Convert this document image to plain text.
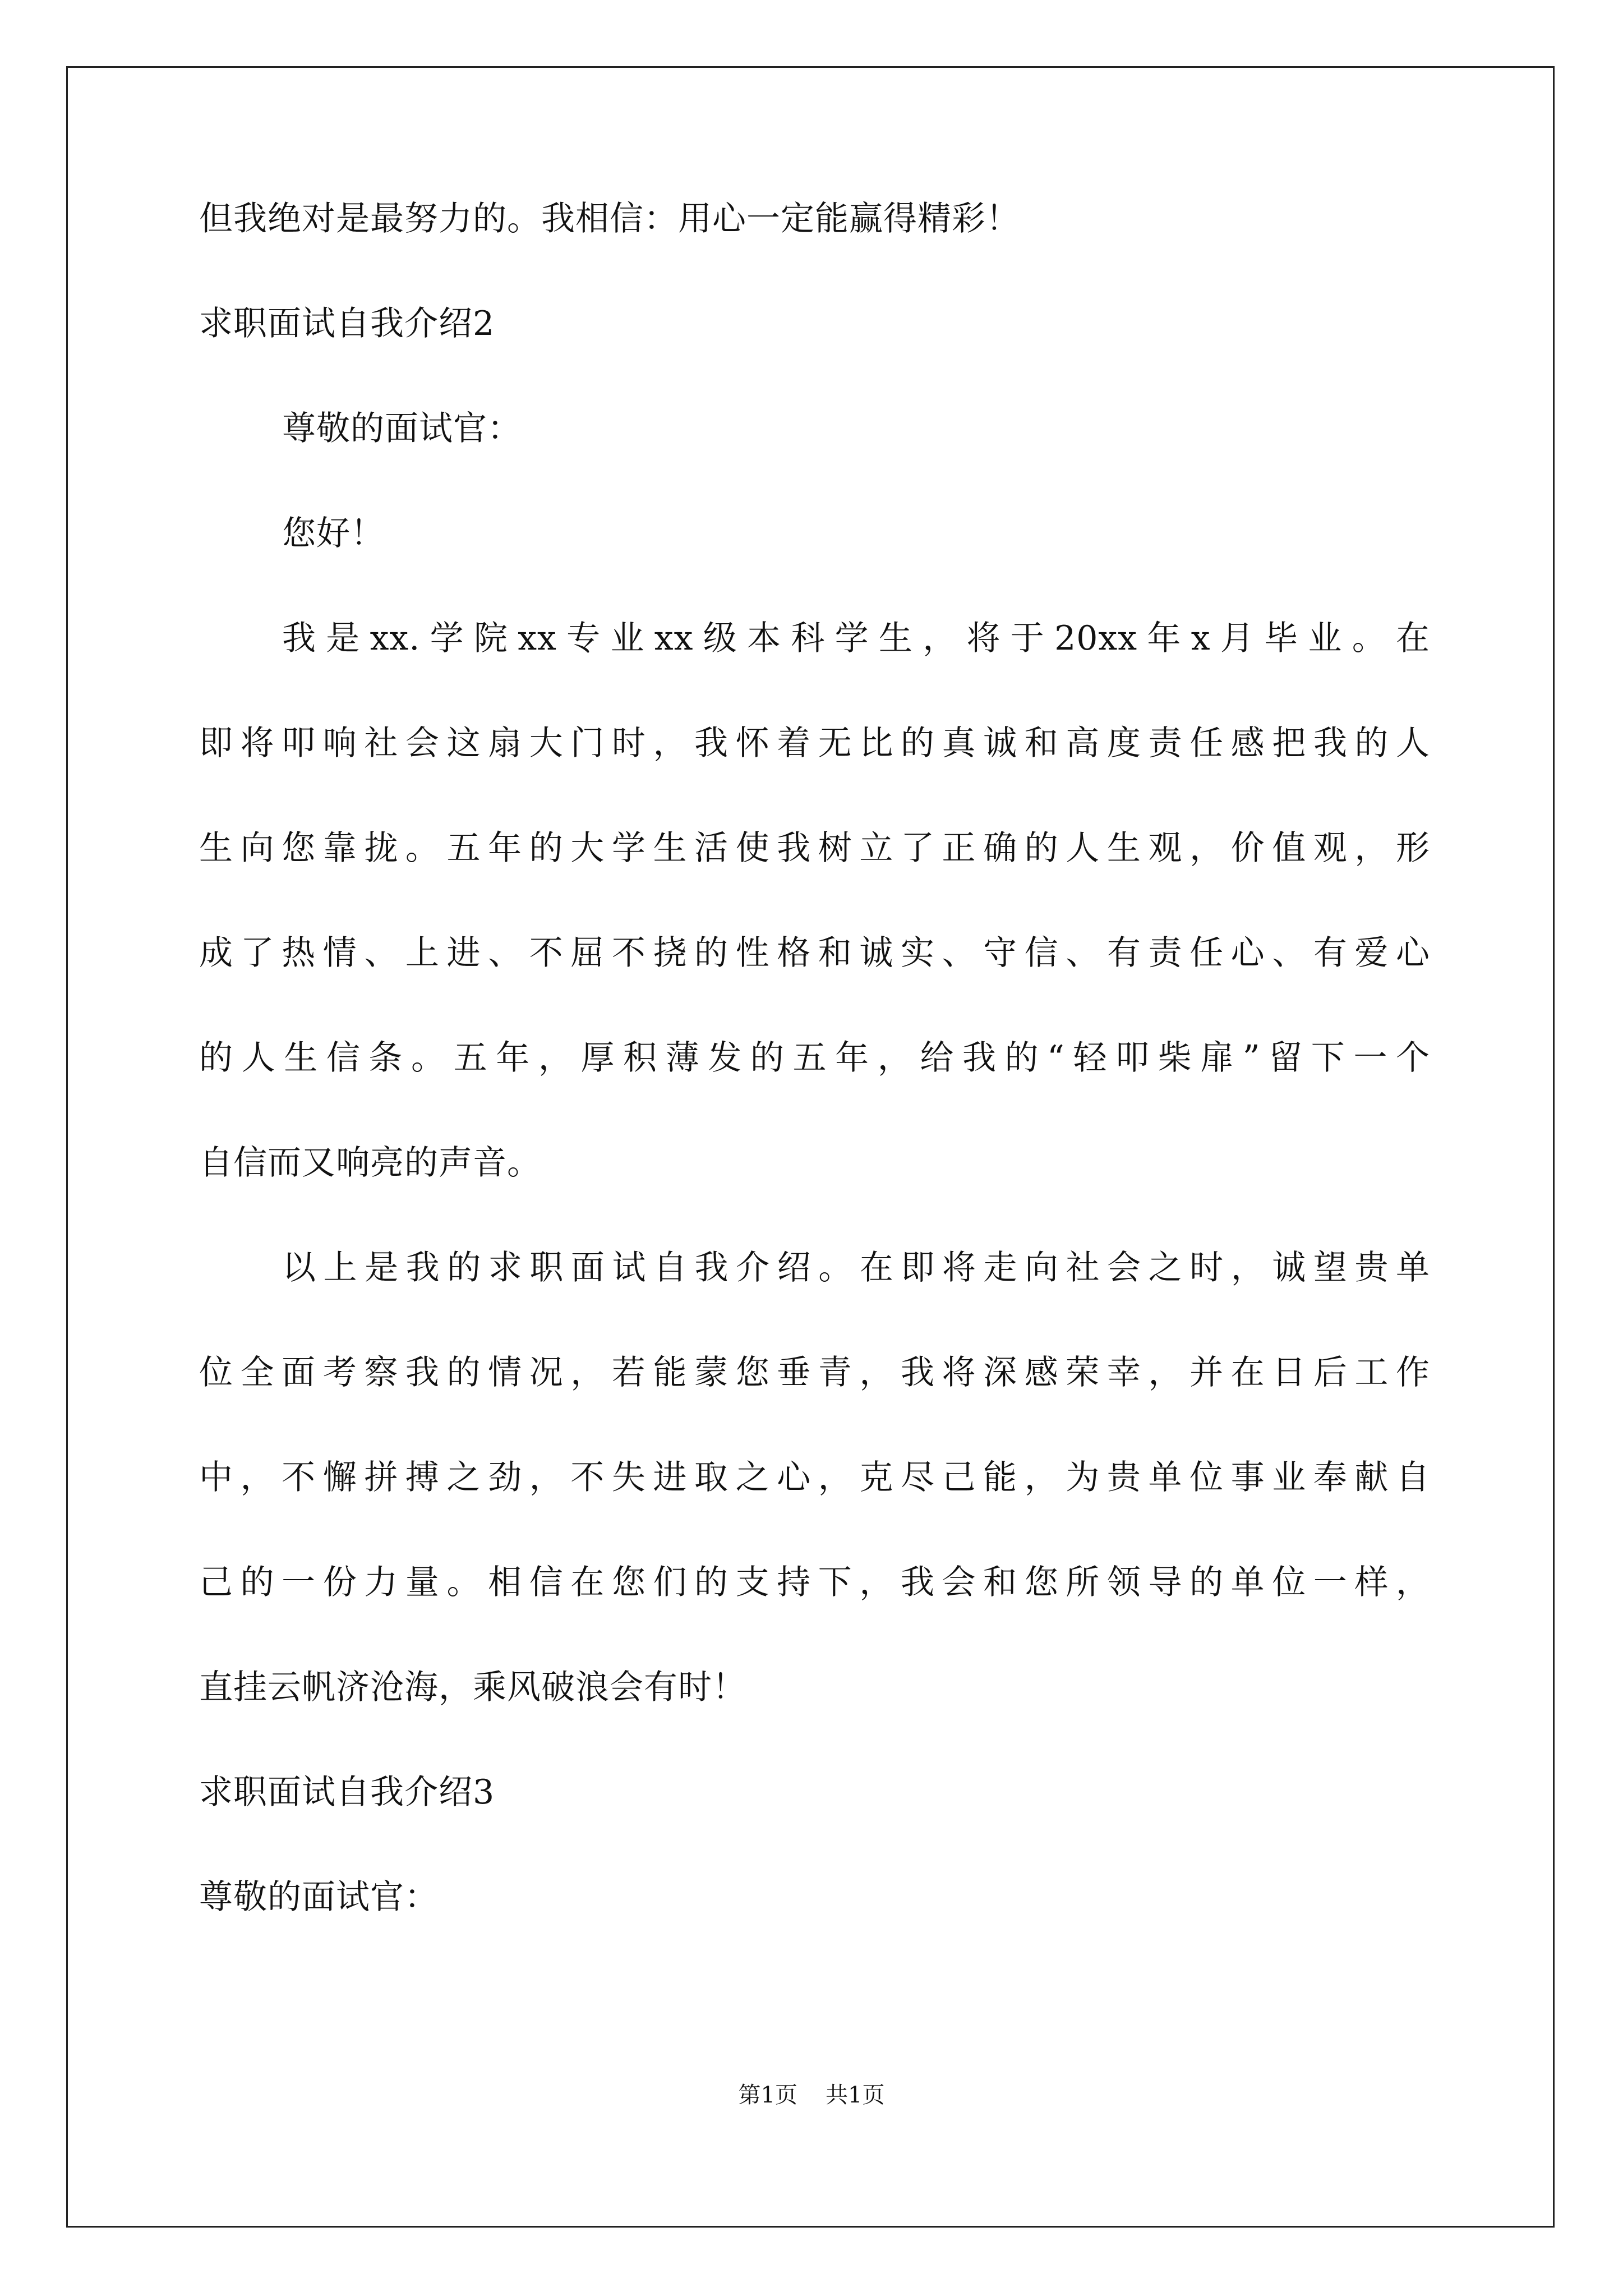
但我绝对是最努力的。我相信：用心一定能赢得精彩！

求职面试自我介绍2

尊敬的面试官：

您好！

我是xx.学院xx专业xx级本科学生，将于20xx年x月毕业。在

即将叩响社会这扇大门时，我怀着无比的真诚和高度责任感把我的人

生向您靠拢。五年的大学生活使我树立了正确的人生观，价值观，形

成了热情、上进、不屈不挠的性格和诚实、守信、有责任心、有爱心

的人生信条。五年，厚积薄发的五年，给我的“轻叩柴扉”留下一个

自信而又响亮的声音。

以上是我的求职面试自我介绍。在即将走向社会之时，诚望贵单

位全面考察我的情况，若能蒙您垂青，我将深感荣幸，并在日后工作

中，不懈拼搏之劲，不失进取之心，克尽己能，为贵单位事业奉献自

己的一份力量。相信在您们的支持下，我会和您所领导的单位一样，

直挂云帆济沧海，乘风破浪会有时！

求职面试自我介绍3

尊敬的面试官：

第1页 共1页
